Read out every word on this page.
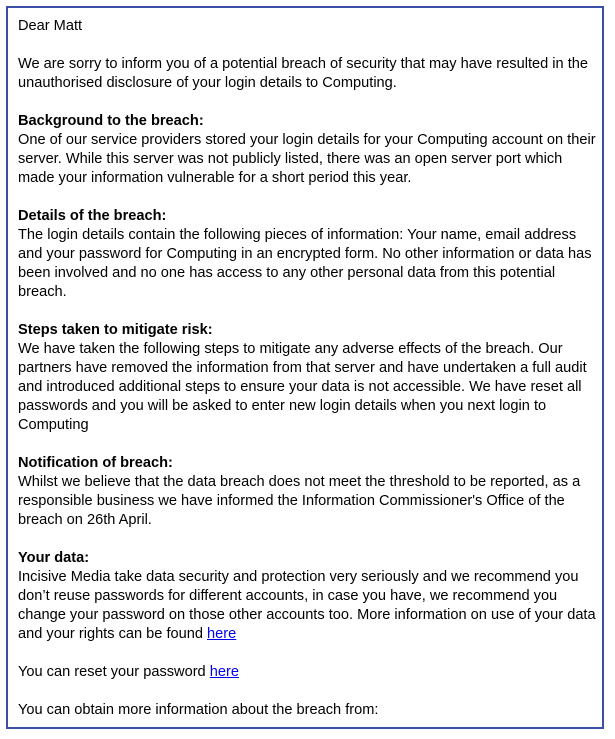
Dear Matt

We are sorry to inform you of a potential breach of security that may have resulted in the unauthorised disclosure of your login details to Computing.

Background to the breach:
One of our service providers stored your login details for your Computing account on their server. While this server was not publicly listed, there was an open server port which made your information vulnerable for a short period this year.

Details of the breach:
The login details contain the following pieces of information: Your name, email address and your password for Computing in an encrypted form. No other information or data has been involved and no one has access to any other personal data from this potential breach.

Steps taken to mitigate risk:
We have taken the following steps to mitigate any adverse effects of the breach. Our partners have removed the information from that server and have undertaken a full audit and introduced additional steps to ensure your data is not accessible. We have reset all passwords and you will be asked to enter new login details when you next login to Computing

Notification of breach:
Whilst we believe that the data breach does not meet the threshold to be reported, as a responsible business we have informed the Information Commissioner's Office of the breach on 26th April.

Your data:
Incisive Media take data security and protection very seriously and we recommend you don’t reuse passwords for different accounts, in case you have, we recommend you change your password on those other accounts too. More information on use of your data and your rights can be found here

You can reset your password here

You can obtain more information about the breach from:
